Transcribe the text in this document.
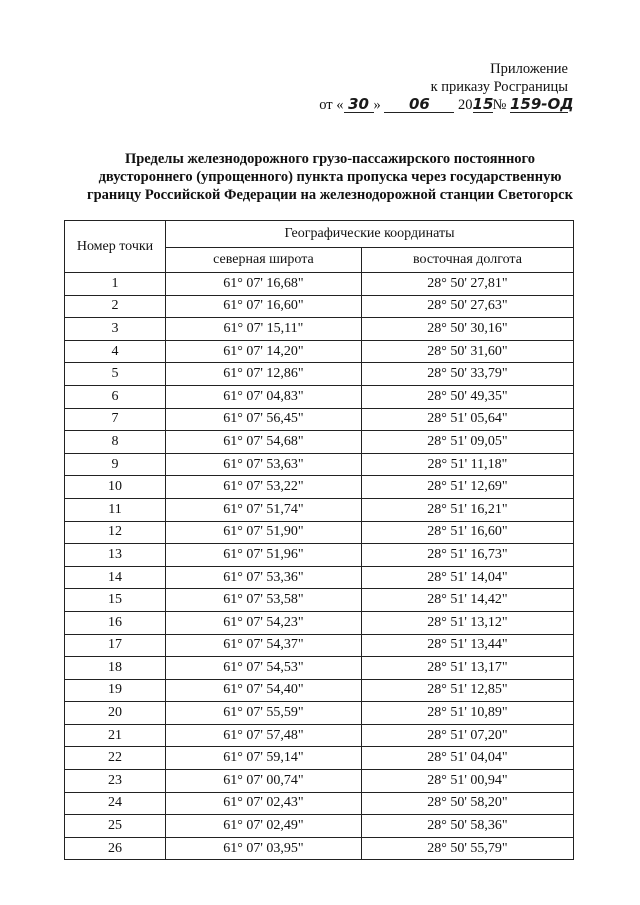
Приложение
к приказу Росграницы
от « 30 » 06 2015№ 159-ОД
Пределы железнодорожного грузо-пассажирского постоянного
двустороннего (упрощенного) пункта пропуска через государственную
границу Российской Федерации на железнодорожной станции Светогорск
Номер точки	Географические координаты	
	северная широта	восточная долгота
1	61° 07' 16,68"	28° 50' 27,81"
2	61° 07' 16,60"	28° 50' 27,63"
3	61° 07' 15,11"	28° 50' 30,16"
4	61° 07' 14,20"	28° 50' 31,60"
5	61° 07' 12,86"	28° 50' 33,79"
6	61° 07' 04,83"	28° 50' 49,35"
7	61° 07' 56,45"	28° 51' 05,64"
8	61° 07' 54,68"	28° 51' 09,05"
9	61° 07' 53,63"	28° 51' 11,18"
10	61° 07' 53,22"	28° 51' 12,69"
11	61° 07' 51,74"	28° 51' 16,21"
12	61° 07' 51,90"	28° 51' 16,60"
13	61° 07' 51,96"	28° 51' 16,73"
14	61° 07' 53,36"	28° 51' 14,04"
15	61° 07' 53,58"	28° 51' 14,42"
16	61° 07' 54,23"	28° 51' 13,12"
17	61° 07' 54,37"	28° 51' 13,44"
18	61° 07' 54,53"	28° 51' 13,17"
19	61° 07' 54,40"	28° 51' 12,85"
20	61° 07' 55,59"	28° 51' 10,89"
21	61° 07' 57,48"	28° 51' 07,20"
22	61° 07' 59,14"	28° 51' 04,04"
23	61° 07' 00,74"	28° 51' 00,94"
24	61° 07' 02,43"	28° 50' 58,20"
25	61° 07' 02,49"	28° 50' 58,36"
26	61° 07' 03,95"	28° 50' 55,79"
